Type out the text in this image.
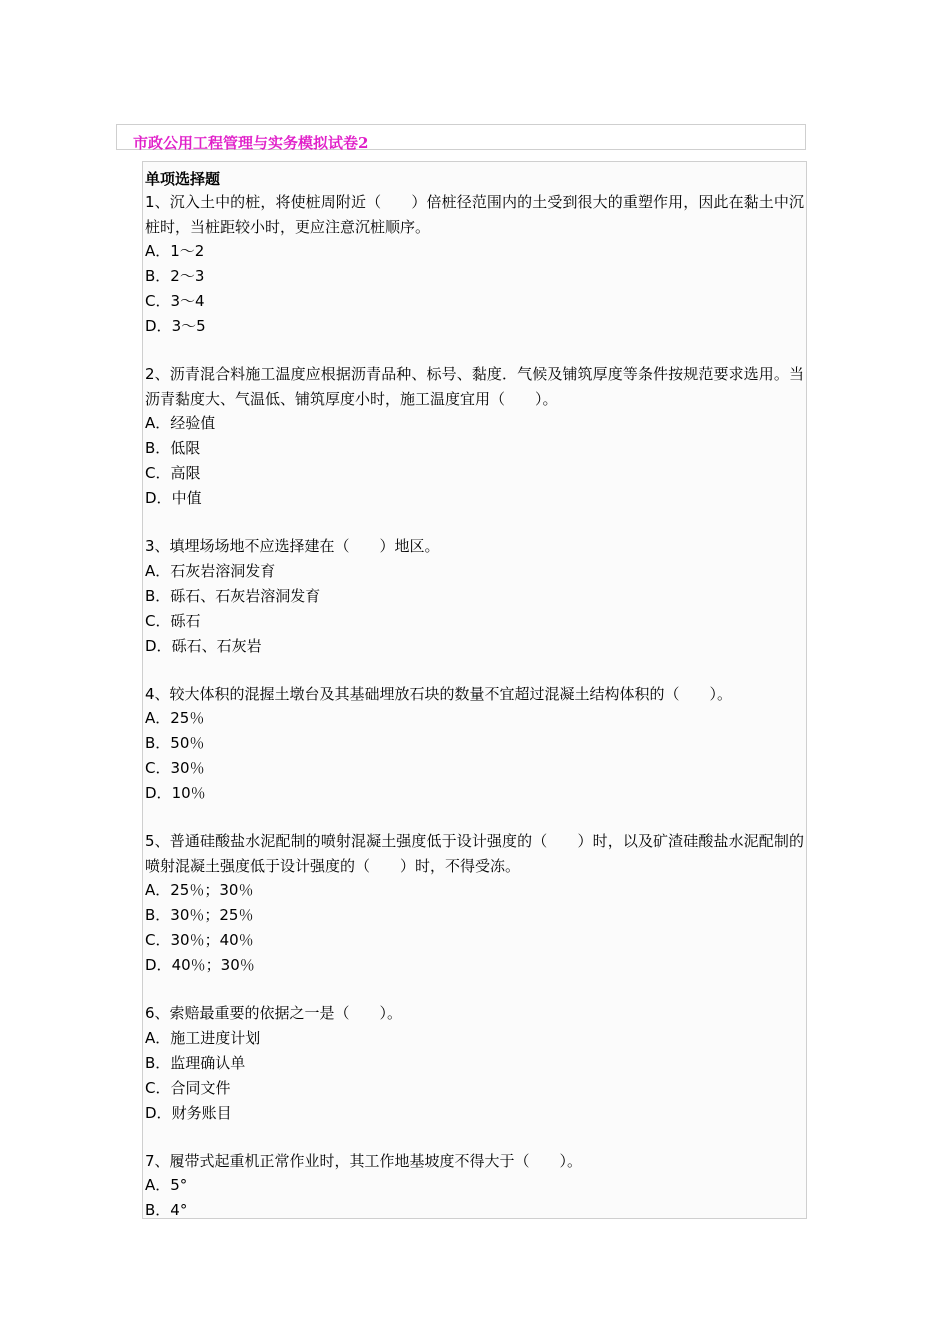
市政公用工程管理与实务模拟试卷2
单项选择题
1、沉入土中的桩，将使桩周附近（　　）倍桩径范围内的土受到很大的重塑作用，因此在黏土中沉桩时，当桩距较小时，更应注意沉桩顺序。
A．1～2
B．2～3
C．3～4
D．3～5
2、沥青混合料施工温度应根据沥青品种、标号、黏度．气候及铺筑厚度等条件按规范要求选用。当沥青黏度大、气温低、铺筑厚度小时，施工温度宜用（　　）。
A．经验值
B．低限
C．高限
D．中值
3、填埋场场地不应选择建在（　　）地区。
A．石灰岩溶洞发育
B．砾石、石灰岩溶洞发育
C．砾石
D．砾石、石灰岩
4、较大体积的混握土墩台及其基础埋放石块的数量不宜超过混凝土结构体积的（　　）。
A．25％
B．50％
C．30％
D．10％
5、普通硅酸盐水泥配制的喷射混凝土强度低于设计强度的（　　）时，以及矿渣硅酸盐水泥配制的喷射混凝土强度低于设计强度的（　　）时，不得受冻。
A．25％；30％
B．30％；25％
C．30％；40％
D．40％；30％
6、索赔最重要的依据之一是（　　）。
A．施工进度计划
B．监理确认单
C．合同文件
D．财务账目
7、履带式起重机正常作业时，其工作地基坡度不得大于（　　）。
A．5°
B．4°
